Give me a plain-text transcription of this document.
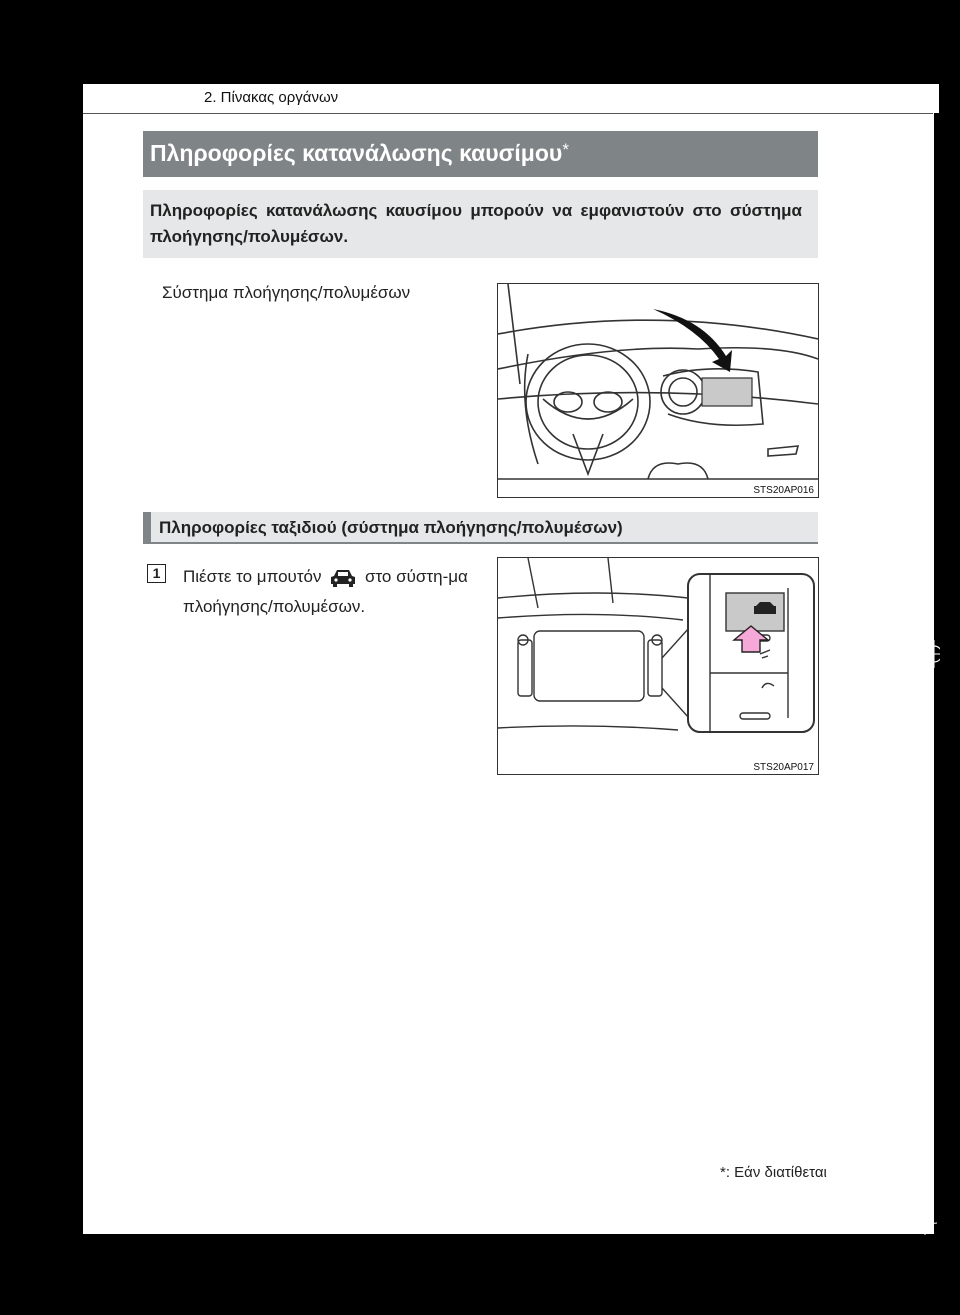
2. Πίνακας οργάνων
Πληροφορίες κατανάλωσης καυσίμου*
Πληροφορίες κατανάλωσης καυσίμου μπορούν να εμφανιστούν στο σύστημα πλοήγησης/πολυμέσων.
Σύστημα πλοήγησης/πολυμέσων
STS20AP016
Πληροφορίες ταξιδιού (σύστημα πλοήγησης/πολυμέσων)
1	Πιέστε το μπουτόν	στο σύστη-μα πλοήγησης/πολυμέσων.
STS20AP017
*: Εάν διατίθεται
